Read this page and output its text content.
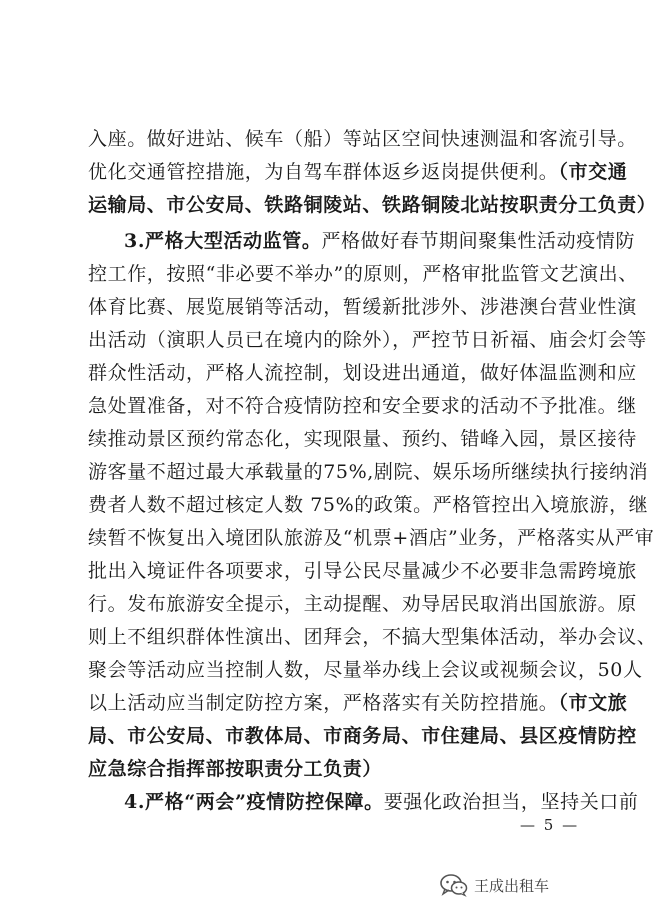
入座。做好进站、候车（船）等站区空间快速测温和客流引导。
优化交通管控措施，为自驾车群体返乡返岗提供便利。（市交通
运输局、市公安局、铁路铜陵站、铁路铜陵北站按职责分工负责）
3.严格大型活动监管。严格做好春节期间聚集性活动疫情防
控工作，按照“非必要不举办”的原则，严格审批监管文艺演出、
体育比赛、展览展销等活动，暂缓新批涉外、涉港澳台营业性演
出活动（演职人员已在境内的除外），严控节日祈福、庙会灯会等
群众性活动，严格人流控制，划设进出通道，做好体温监测和应
急处置准备，对不符合疫情防控和安全要求的活动不予批准。继
续推动景区预约常态化，实现限量、预约、错峰入园，景区接待
游客量不超过最大承载量的75%,剧院、娱乐场所继续执行接纳消
费者人数不超过核定人数 75%的政策。严格管控出入境旅游，继
续暂不恢复出入境团队旅游及“机票+酒店”业务，严格落实从严审
批出入境证件各项要求，引导公民尽量减少不必要非急需跨境旅
行。发布旅游安全提示，主动提醒、劝导居民取消出国旅游。原
则上不组织群体性演出、团拜会，不搞大型集体活动，举办会议、
聚会等活动应当控制人数，尽量举办线上会议或视频会议，50人
以上活动应当制定防控方案，严格落实有关防控措施。（市文旅
局、市公安局、市教体局、市商务局、市住建局、县区疫情防控
应急综合指挥部按职责分工负责）
4.严格“两会”疫情防控保障。要强化政治担当，坚持关口前
— 5 —
王成出租车
